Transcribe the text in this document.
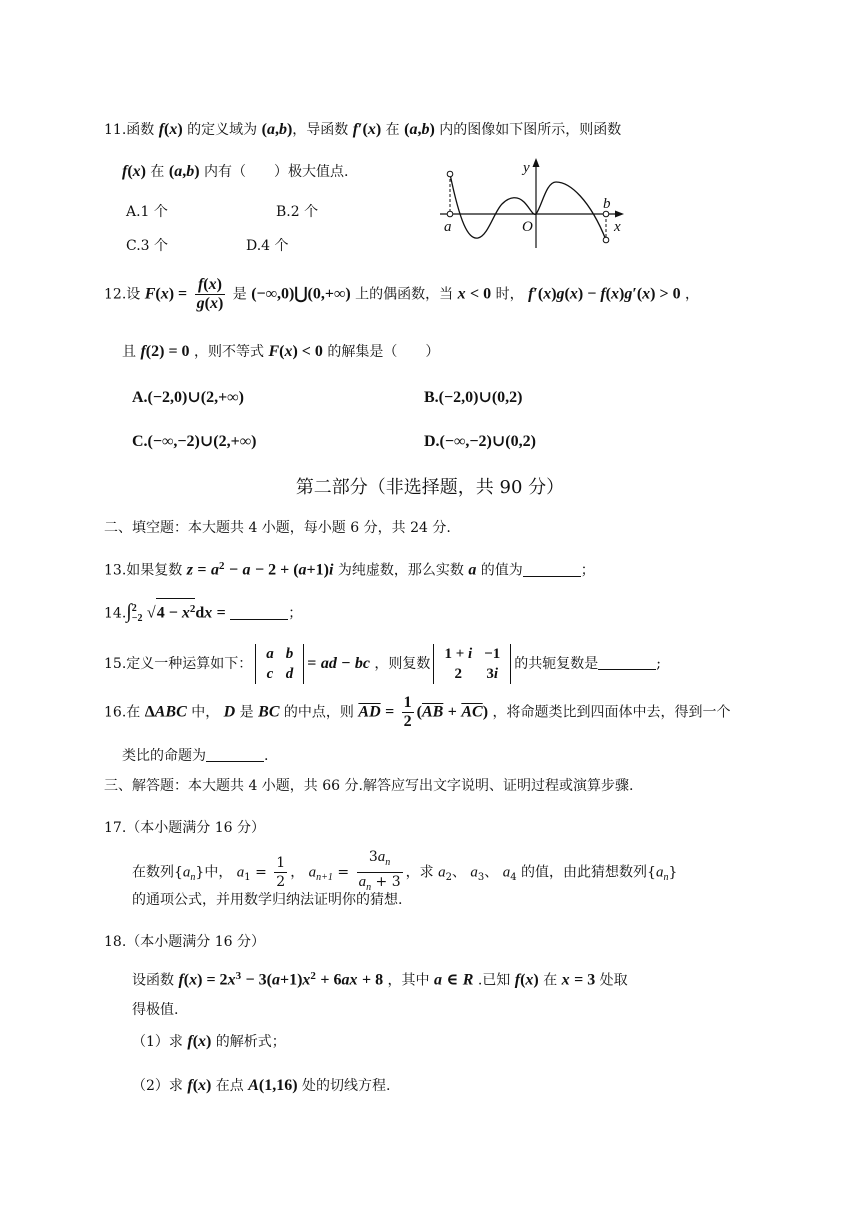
11.函数 f(x) 的定义域为 (a,b)，导函数 f′(x) 在 (a,b) 内的图像如下图所示，则函数
f(x) 在 (a,b) 内有（　　）极大值点.
A.1 个	B.2 个
C.3 个	D.4 个
y
x
a
b
O
12.设 $F(x) = \frac{f(x)}{g(x)}$ 是 (−∞,0)⋃(0,+∞) 上的偶函数，当 x < 0 时， f′(x)g(x) − f(x)g′(x) > 0 ，
且 f(2) = 0 ，则不等式 F(x) < 0 的解集是（　　）
A.(−2,0)∪(2,+∞)	B.(−2,0)∪(0,2)
C.(−∞,−2)∪(2,+∞)	D.(−∞,−2)∪(0,2)
第二部分（非选择题，共 90 分）
二、填空题：本大题共 4 小题，每小题 6 分，共 24 分.
13.如果复数 $z = a^2 - a - 2 + (a+1)i$ 为纯虚数，那么实数 a 的值为	；
14.∫ 2
−2 $√4 - x^2dx$ =	；
15.定义一种运算如下：
a	b
c	d
= ad − bc ，则复数
1 + i	−1
2	3i
的共轭复数是	;
16.在 ΔABC 中， D 是 BC 的中点，则 $\overline{AD} = \frac{1}{2} (\overline{AB} + \overline{AC})$ ，将命题类比到四面体中去，得到一个
类比的命题为	.
三、解答题：本大题共 4 小题，共 66 分.解答应写出文字说明、证明过程或演算步骤.
17.（本小题满分 16 分）
在数列$\{a_n\}$中， $a_1 = \frac{1}{2}$ ， $a_{n+1} = \frac{3a_n}{a_n + 3}$ ，求 $a_2$、 $a_3$、 $a_4$ 的值，由此猜想数列$\{a_n\}$
的通项公式，并用数学归纳法证明你的猜想.
18.（本小题满分 16 分）
设函数 $f(x) = 2x^3 - 3(a+1)x^2 + 6ax + 8$ ，其中 a ∈ R .已知 f(x) 在 x = 3 处取
得极值.
（1）求 f(x) 的解析式；
（2）求 f(x) 在点 A(1,16) 处的切线方程.
